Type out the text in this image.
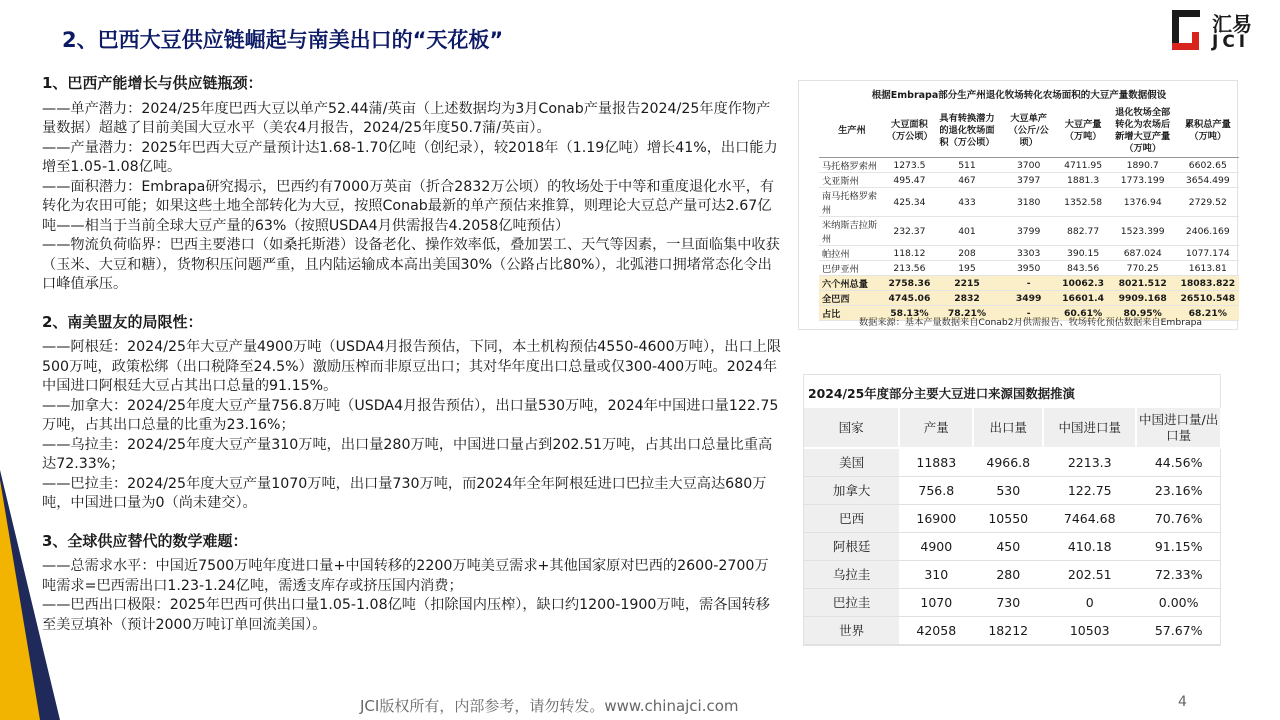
2、巴西大豆供应链崛起与南美出口的“天花板”
汇易
JCI
1、巴西产能增长与供应链瓶颈：

——单产潜力：2024/25年度巴西大豆以单产52.44蒲/英亩（上述数据均为3月Conab产量报告2024/25年度作物产量数据）超越了目前美国大豆水平（美农4月报告，2024/25年度50.7蒲/英亩）。

——产量潜力：2025年巴西大豆产量预计达1.68-1.70亿吨（创纪录），较2018年（1.19亿吨）增长41%，出口能力增至1.05-1.08亿吨。

——面积潜力：Embrapa研究揭示，巴西约有7000万英亩（折合2832万公顷）的牧场处于中等和重度退化水平，有转化为农田可能；如果这些土地全部转化为大豆，按照Conab最新的单产预估来推算，则理论大豆总产量可达2.67亿吨——相当于当前全球大豆产量的63%（按照USDA4月供需报告4.2058亿吨预估）

——物流负荷临界：巴西主要港口（如桑托斯港）设备老化、操作效率低，叠加罢工、天气等因素，一旦面临集中收获（玉米、大豆和糖），货物积压问题严重，且内陆运输成本高出美国30%（公路占比80%），北弧港口拥堵常态化令出口峰值承压。

2、南美盟友的局限性：

——阿根廷：2024/25年大豆产量4900万吨（USDA4月报告预估，下同，本土机构预估4550-4600万吨），出口上限500万吨，政策松绑（出口税降至24.5%）激励压榨而非原豆出口；其对华年度出口总量或仅300-400万吨。2024年中国进口阿根廷大豆占其出口总量的91.15%。

——加拿大：2024/25年度大豆产量756.8万吨（USDA4月报告预估），出口量530万吨，2024年中国进口量122.75万吨，占其出口总量的比重为23.16%；

——乌拉圭：2024/25年度大豆产量310万吨，出口量280万吨，中国进口量占到202.51万吨，占其出口总量比重高达72.33%；

——巴拉圭：2024/25年度大豆产量1070万吨，出口量730万吨，而2024年全年阿根廷进口巴拉圭大豆高达680万吨，中国进口量为0（尚未建交）。

3、全球供应替代的数学难题：

——总需求水平：中国近7500万吨年度进口量+中国转移的2200万吨美豆需求+其他国家原对巴西的2600-2700万吨需求=巴西需出口1.23-1.24亿吨，需透支库存或挤压国内消费；

——巴西出口极限：2025年巴西可供出口量1.05-1.08亿吨（扣除国内压榨），缺口约1200-1900万吨，需各国转移至美豆填补（预计2000万吨订单回流美国）。

根据Embrapa部分生产州退化牧场转化农场面积的大豆产量数据假设
生产州	大豆面积（万公顷）	具有转换潜力的退化牧场面积（万公顷）	大豆单产（公斤/公顷）	大豆产量（万吨）	退化牧场全部转化为农场后新增大豆产量（万吨）	累积总产量（万吨）
马托格罗索州	1273.5	511	3700	4711.95	1890.7	6602.65
戈亚斯州	495.47	467	3797	1881.3	1773.199	3654.499
南马托格罗索州	425.34	433	3180	1352.58	1376.94	2729.52
米纳斯吉拉斯州	232.37	401	3799	882.77	1523.399	2406.169
帕拉州	118.12	208	3303	390.15	687.024	1077.174
巴伊亚州	213.56	195	3950	843.56	770.25	1613.81
六个州总量	2758.36	2215	-	10062.3	8021.512	18083.822
全巴西	4745.06	2832	3499	16601.4	9909.168	26510.548
占比	58.13%	78.21%	-	60.61%	80.95%	68.21%
数据来源：基本产量数据来自Conab2月供需报告、牧场转化预估数据来自Embrapa
2024/25年度部分主要大豆进口来源国数据推演
国家	产量	出口量	中国进口量	中国进口量/出口量
美国	11883	4966.8	2213.3	44.56%
加拿大	756.8	530	122.75	23.16%
巴西	16900	10550	7464.68	70.76%
阿根廷	4900	450	410.18	91.15%
乌拉圭	310	280	202.51	72.33%
巴拉圭	1070	730	0	0.00%
世界	42058	18212	10503	57.67%
JCI版权所有，内部参考，请勿转发。www.chinajci.com	4
